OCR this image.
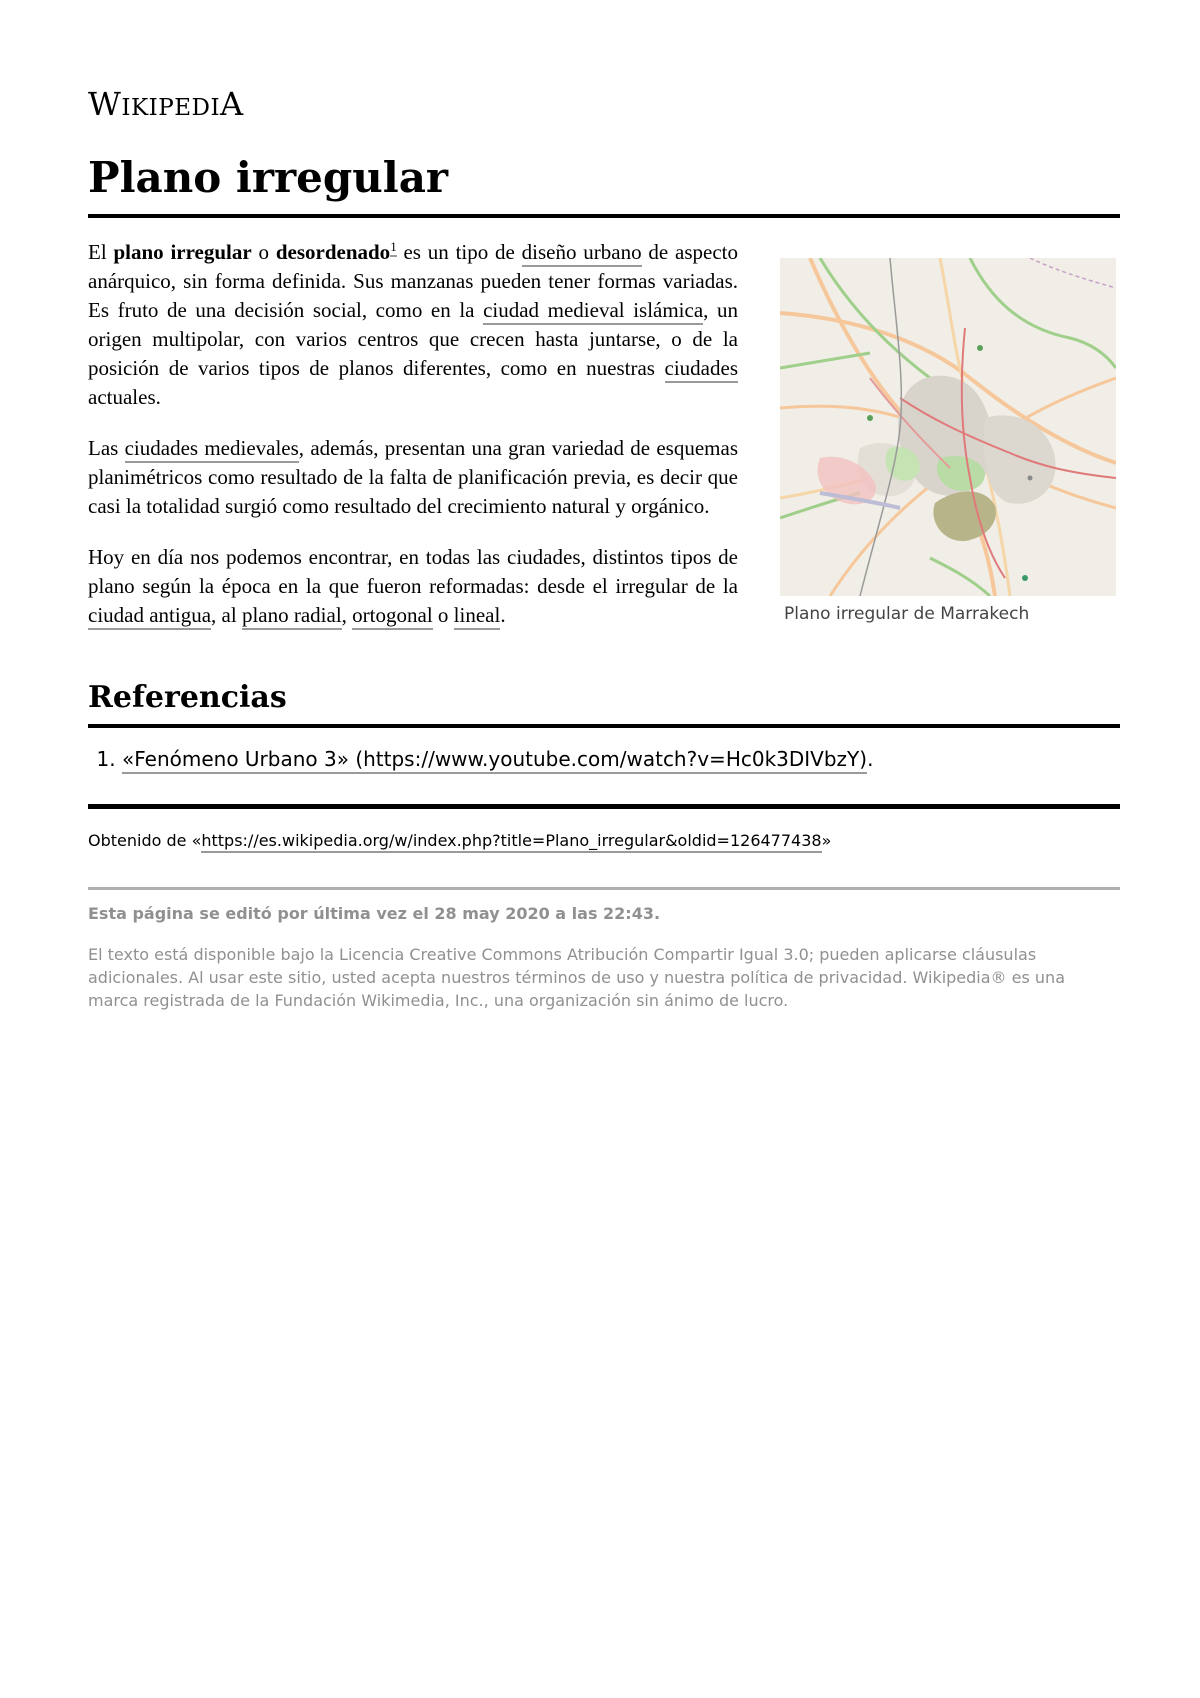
WIKIPEDIA
Plano irregular

El plano irregular o desordenado$^1$ es un tipo de diseño urbano de aspecto anárquico, sin forma definida. Sus manzanas pueden tener formas variadas. Es fruto de una decisión social, como en la ciudad medieval islámica, un origen multipolar, con varios centros que crecen hasta juntarse, o de la posición de varios tipos de planos diferentes, como en nuestras ciudades actuales.

Las ciudades medievales, además, presentan una gran variedad de esquemas planimétricos como resultado de la falta de planificación previa, es decir que casi la totalidad surgió como resultado del crecimiento natural y orgánico.

Hoy en día nos podemos encontrar, en todas las ciudades, distintos tipos de plano según la época en la que fueron reformadas: desde el irregular de la ciudad antigua, al plano radial, ortogonal o lineal.	Plano irregular de Marrakech
Referencias
1. «Fenómeno Urbano 3» (https://www.youtube.com/watch?v=Hc0k3DIVbzY).
Obtenido de «https://es.wikipedia.org/w/index.php?title=Plano_irregular&oldid=126477438»
Esta página se editó por última vez el 28 may 2020 a las 22:43.
El texto está disponible bajo la Licencia Creative Commons Atribución Compartir Igual 3.0; pueden aplicarse cláusulas adicionales. Al usar este sitio, usted acepta nuestros términos de uso y nuestra política de privacidad. Wikipedia® es una marca registrada de la Fundación Wikimedia, Inc., una organización sin ánimo de lucro.
